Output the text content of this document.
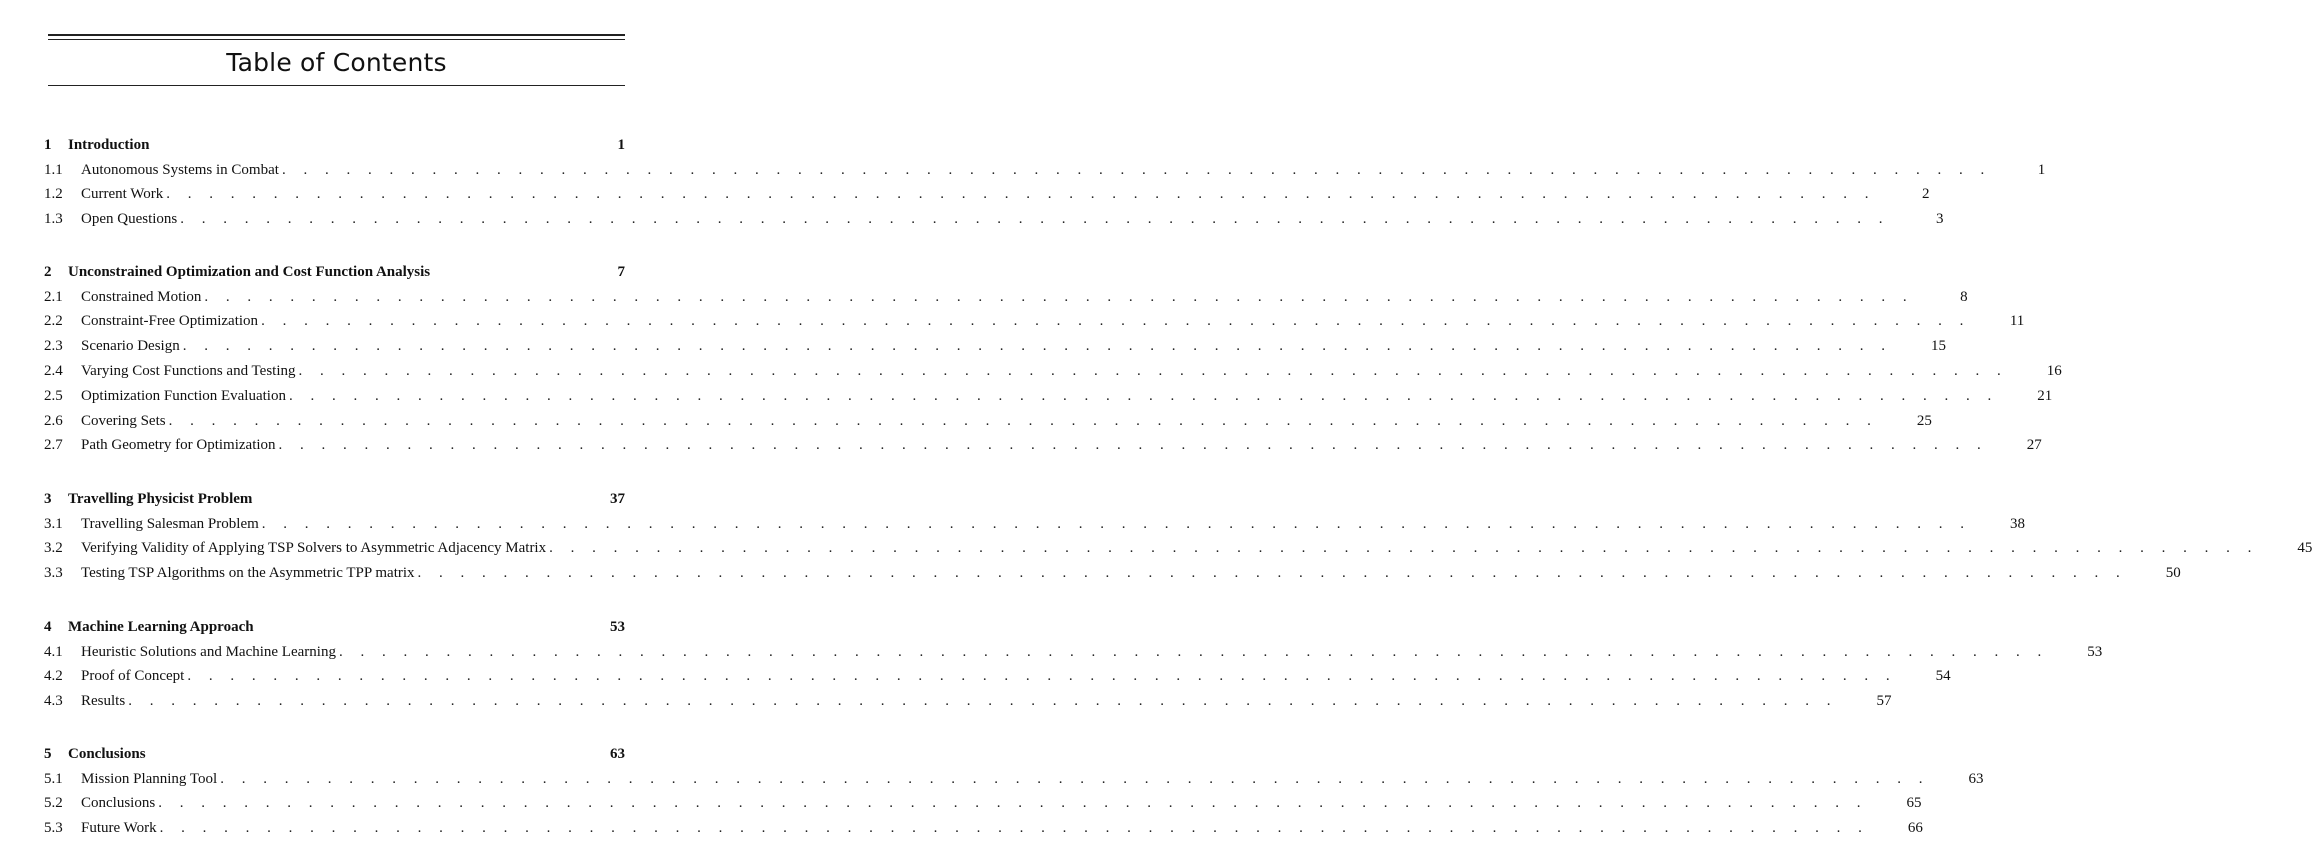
Table of Contents
1	Introduction	1
1.1	Autonomous Systems in Combat . . . . . . . . . . . . . . . . . . . . . . . . . . . . . . . . . . . . . . . . . . . . . . . . . . . . . . . . . . . . . . . . . . . . . . . . . . . . . . . .	1
1.2	Current Work . . . . . . . . . . . . . . . . . . . . . . . . . . . . . . . . . . . . . . . . . . . . . . . . . . . . . . . . . . . . . . . . . . . . . . . . . . . . . . . .	2
1.3	Open Questions . . . . . . . . . . . . . . . . . . . . . . . . . . . . . . . . . . . . . . . . . . . . . . . . . . . . . . . . . . . . . . . . . . . . . . . . . . . . . . . .	3
2	Unconstrained Optimization and Cost Function Analysis	7
2.1	Constrained Motion . . . . . . . . . . . . . . . . . . . . . . . . . . . . . . . . . . . . . . . . . . . . . . . . . . . . . . . . . . . . . . . . . . . . . . . . . . . . . . . .	8
2.2	Constraint-Free Optimization . . . . . . . . . . . . . . . . . . . . . . . . . . . . . . . . . . . . . . . . . . . . . . . . . . . . . . . . . . . . . . . . . . . . . . . . . . . . . . . .	11
2.3	Scenario Design . . . . . . . . . . . . . . . . . . . . . . . . . . . . . . . . . . . . . . . . . . . . . . . . . . . . . . . . . . . . . . . . . . . . . . . . . . . . . . . .	15
2.4	Varying Cost Functions and Testing . . . . . . . . . . . . . . . . . . . . . . . . . . . . . . . . . . . . . . . . . . . . . . . . . . . . . . . . . . . . . . . . . . . . . . . . . . . . . . . .	16
2.5	Optimization Function Evaluation . . . . . . . . . . . . . . . . . . . . . . . . . . . . . . . . . . . . . . . . . . . . . . . . . . . . . . . . . . . . . . . . . . . . . . . . . . . . . . . .	21
2.6	Covering Sets . . . . . . . . . . . . . . . . . . . . . . . . . . . . . . . . . . . . . . . . . . . . . . . . . . . . . . . . . . . . . . . . . . . . . . . . . . . . . . . .	25
2.7	Path Geometry for Optimization . . . . . . . . . . . . . . . . . . . . . . . . . . . . . . . . . . . . . . . . . . . . . . . . . . . . . . . . . . . . . . . . . . . . . . . . . . . . . . . .	27
3	Travelling Physicist Problem	37
3.1	Travelling Salesman Problem . . . . . . . . . . . . . . . . . . . . . . . . . . . . . . . . . . . . . . . . . . . . . . . . . . . . . . . . . . . . . . . . . . . . . . . . . . . . . . . .	38
3.2	Verifying Validity of Applying TSP Solvers to Asymmetric Adjacency Matrix . . . . . . . . . . . . . . . . . . . . . . . . . . . . . . . . . . . . . . . . . . . . . . . . . . . . . . . . . . . . . . . . . . . . . . . . . . . . . . . .	45
3.3	Testing TSP Algorithms on the Asymmetric TPP matrix . . . . . . . . . . . . . . . . . . . . . . . . . . . . . . . . . . . . . . . . . . . . . . . . . . . . . . . . . . . . . . . . . . . . . . . . . . . . . . . .	50
4	Machine Learning Approach	53
4.1	Heuristic Solutions and Machine Learning . . . . . . . . . . . . . . . . . . . . . . . . . . . . . . . . . . . . . . . . . . . . . . . . . . . . . . . . . . . . . . . . . . . . . . . . . . . . . . . .	53
4.2	Proof of Concept . . . . . . . . . . . . . . . . . . . . . . . . . . . . . . . . . . . . . . . . . . . . . . . . . . . . . . . . . . . . . . . . . . . . . . . . . . . . . . . .	54
4.3	Results . . . . . . . . . . . . . . . . . . . . . . . . . . . . . . . . . . . . . . . . . . . . . . . . . . . . . . . . . . . . . . . . . . . . . . . . . . . . . . . .	57
5	Conclusions	63
5.1	Mission Planning Tool . . . . . . . . . . . . . . . . . . . . . . . . . . . . . . . . . . . . . . . . . . . . . . . . . . . . . . . . . . . . . . . . . . . . . . . . . . . . . . . .	63
5.2	Conclusions . . . . . . . . . . . . . . . . . . . . . . . . . . . . . . . . . . . . . . . . . . . . . . . . . . . . . . . . . . . . . . . . . . . . . . . . . . . . . . . .	65
5.3	Future Work . . . . . . . . . . . . . . . . . . . . . . . . . . . . . . . . . . . . . . . . . . . . . . . . . . . . . . . . . . . . . . . . . . . . . . . . . . . . . . . .	66
